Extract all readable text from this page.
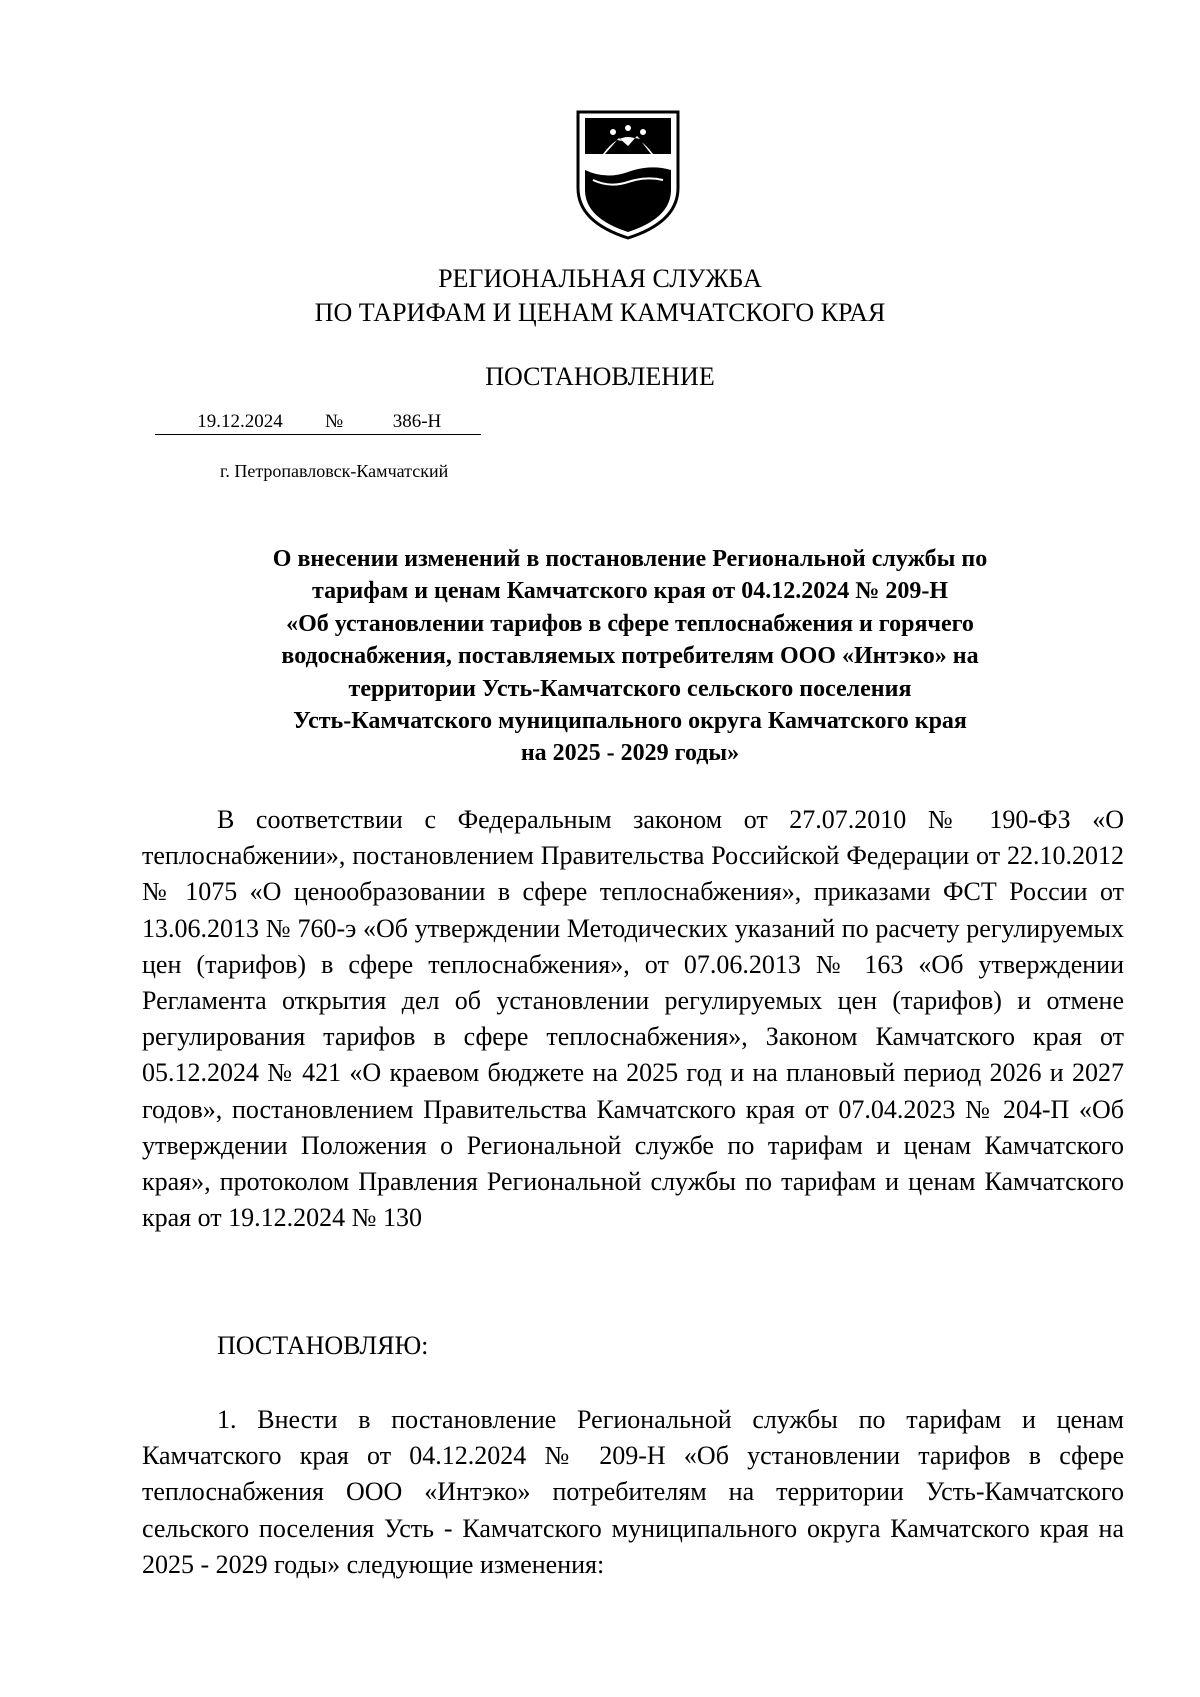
РЕГИОНАЛЬНАЯ СЛУЖБА
ПО ТАРИФАМ И ЦЕНАМ КАМЧАТСКОГО КРАЯ
ПОСТАНОВЛЕНИЕ
19.12.2024 №	386-Н
г. Петропавловск-Камчатский
О внесении изменений в постановление Региональной службы по
тарифам и ценам Камчатского края от 04.12.2024 № 209-Н
«Об установлении тарифов в сфере теплоснабжения и горячего
водоснабжения, поставляемых потребителям ООО «Интэко» на
территории Усть-Камчатского сельского поселения
Усть-Камчатского муниципального округа Камчатского края
на 2025 - 2029 годы»

В соответствии с Федеральным законом от 27.07.2010 № 190-ФЗ «О теплоснабжении», постановлением Правительства Российской Федерации от 22.10.2012 № 1075 «О ценообразовании в сфере теплоснабжения», приказами ФСТ России от 13.06.2013 № 760-э «Об утверждении Методических указаний по расчету регулируемых цен (тарифов) в сфере теплоснабжения», от 07.06.2013 № 163 «Об утверждении Регламента открытия дел об установлении регулируемых цен (тарифов) и отмене регулирования тарифов в сфере теплоснабжения», Законом Камчатского края от 05.12.2024 № 421 «О краевом бюджете на 2025 год и на плановый период 2026 и 2027 годов», постановлением Правительства Камчатского края от 07.04.2023 № 204-П «Об утверждении Положения о Региональной службе по тарифам и ценам Камчатского края», протоколом Правления Региональной службы по тарифам и ценам Камчатского края от 19.12.2024 № 130

ПОСТАНОВЛЯЮ:

1. Внести в постановление Региональной службы по тарифам и ценам Камчатского края от 04.12.2024 № 209-Н «Об установлении тарифов в сфере теплоснабжения ООО «Интэко» потребителям на территории Усть-Камчатского сельского поселения Усть - Камчатского муниципального округа Камчатского края на 2025 - 2029 годы» следующие изменения:
